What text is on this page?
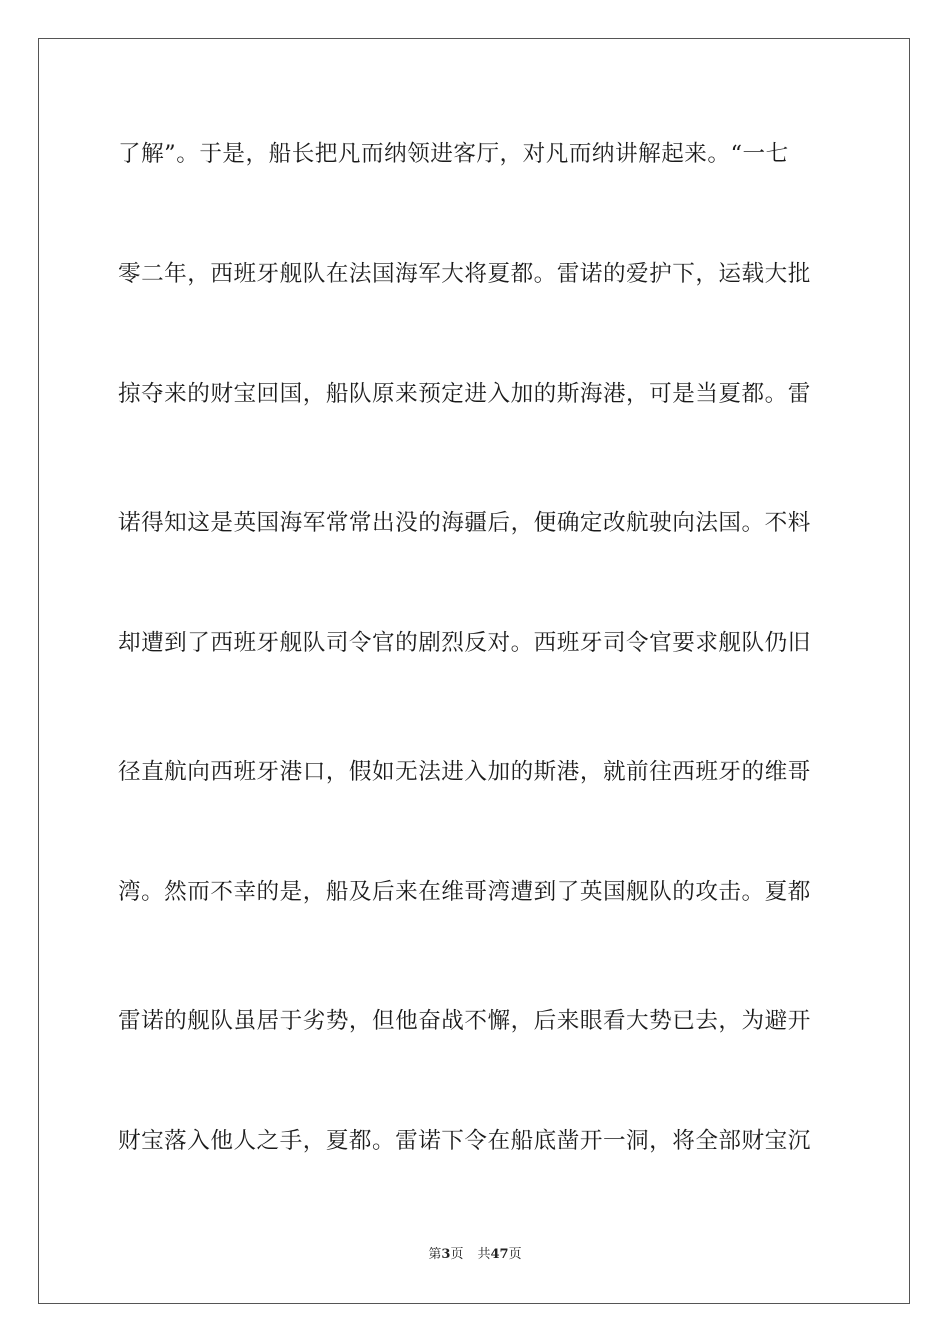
了解”。于是，船长把凡而纳领进客厅，对凡而纳讲解起来。“一七
零二年，西班牙舰队在法国海军大将夏都。雷诺的爱护下，运载大批
掠夺来的财宝回国，船队原来预定进入加的斯海港，可是当夏都。雷
诺得知这是英国海军常常出没的海疆后，便确定改航驶向法国。不料
却遭到了西班牙舰队司令官的剧烈反对。西班牙司令官要求舰队仍旧
径直航向西班牙港口，假如无法进入加的斯港，就前往西班牙的维哥
湾。然而不幸的是，船及后来在维哥湾遭到了英国舰队的攻击。夏都
雷诺的舰队虽居于劣势，但他奋战不懈，后来眼看大势已去，为避开
财宝落入他人之手，夏都。雷诺下令在船底凿开一洞，将全部财宝沉
第3页 共47页
